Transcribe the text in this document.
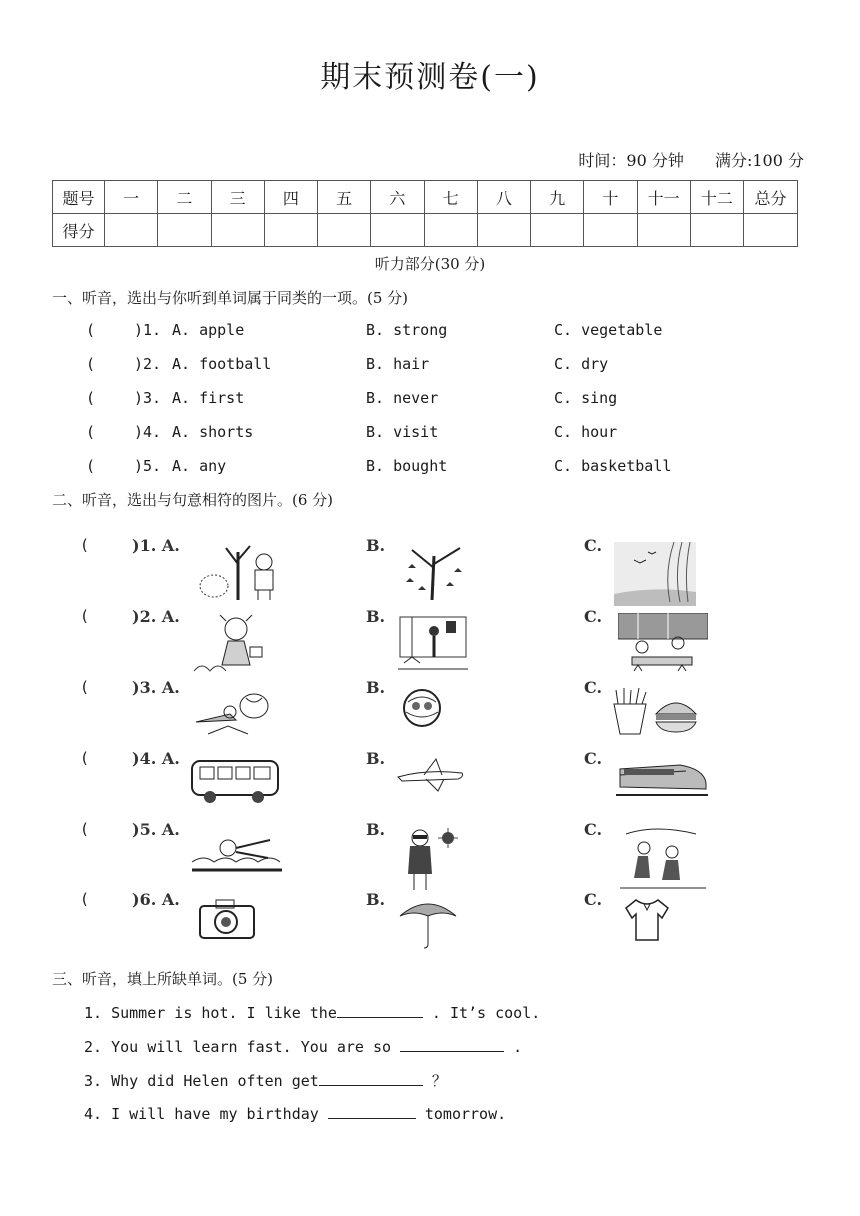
期末预测卷(一)
时间：90 分钟 满分:100 分
题号	一	二	三	四	五	六	七	八	九	十	十一	十二	总分
得分													
听力部分(30 分)
一、听音，选出与你听到单词属于同类的一项。(5 分)
(	)1. A. apple	B. strong	C. vegetable
(	)2. A. football	B. hair	C. dry
(	)3. A. first	B. never	C. sing
(	)4. A. shorts	B. visit	C. hour
(	)5. A. any	B. bought	C. basketball
二、听音，选出与句意相符的图片。(6 分)
(	)1. A.	B.	C.
(	)2. A.	B.	C.
(	)3. A.	B.	C.
(	)4. A.	B.	C.
(	)5. A.	B.	C.
(	)6. A.	B.	C.
三、听音，填上所缺单词。(5 分)
1. Summer is hot. I like the	. It’s cool.
2. You will learn fast. You are so	.
3. Why did Helen often get	？
4. I will have my birthday	tomorrow.
